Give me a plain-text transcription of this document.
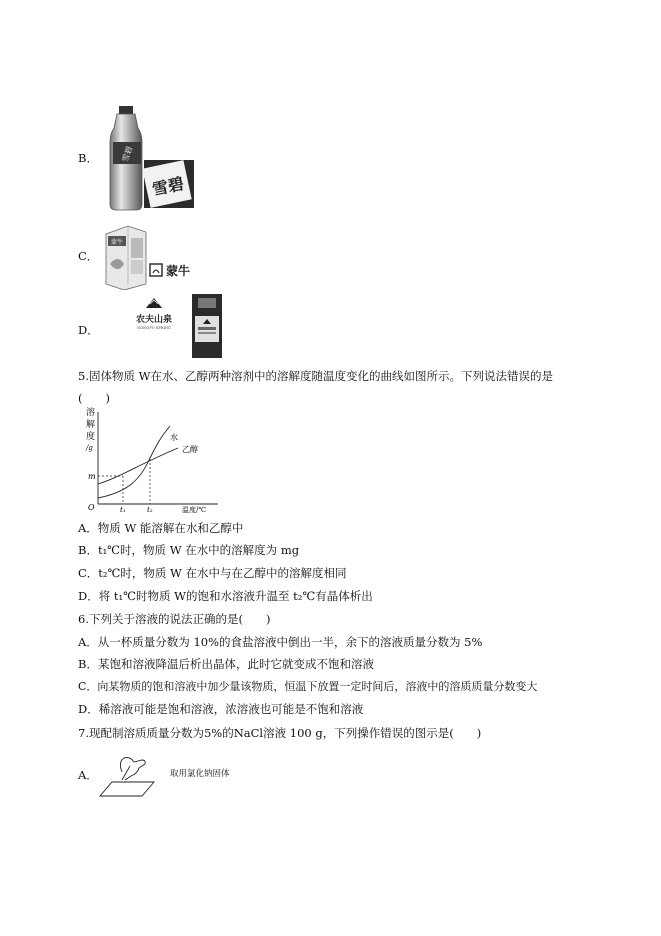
B．	雪碧
雪碧
C．
蒙牛
蒙牛
D．
农夫山泉
NONGFU SPRING
5.固体物质 W在水、乙醇两种溶剂中的溶解度随温度变化的曲线如图所示。下列说法错误的是
(　　)
溶
解
度
/g
水
乙醇
m
O	t₁	t₂	温度/℃
A．物质 W 能溶解在水和乙醇中
B．t₁℃时，物质 W 在水中的溶解度为 mg
C．t₂℃时，物质 W 在水中与在乙醇中的溶解度相同
D．将 t₁℃时物质 W的饱和水溶液升温至 t₂℃有晶体析出
6.下列关于溶液的说法正确的是(　　)
A．从一杯质量分数为 10%的食盐溶液中倒出一半，余下的溶液质量分数为 5%
B．某饱和溶液降温后析出晶体，此时它就变成不饱和溶液
C．向某物质的饱和溶液中加少量该物质，恒温下放置一定时间后，溶液中的溶质质量分数变大
D．稀溶液可能是饱和溶液，浓溶液也可能是不饱和溶液
7.现配制溶质质量分数为5%的NaCl溶液 100 g，下列操作错误的图示是(　　)
A．	取用氯化钠固体
